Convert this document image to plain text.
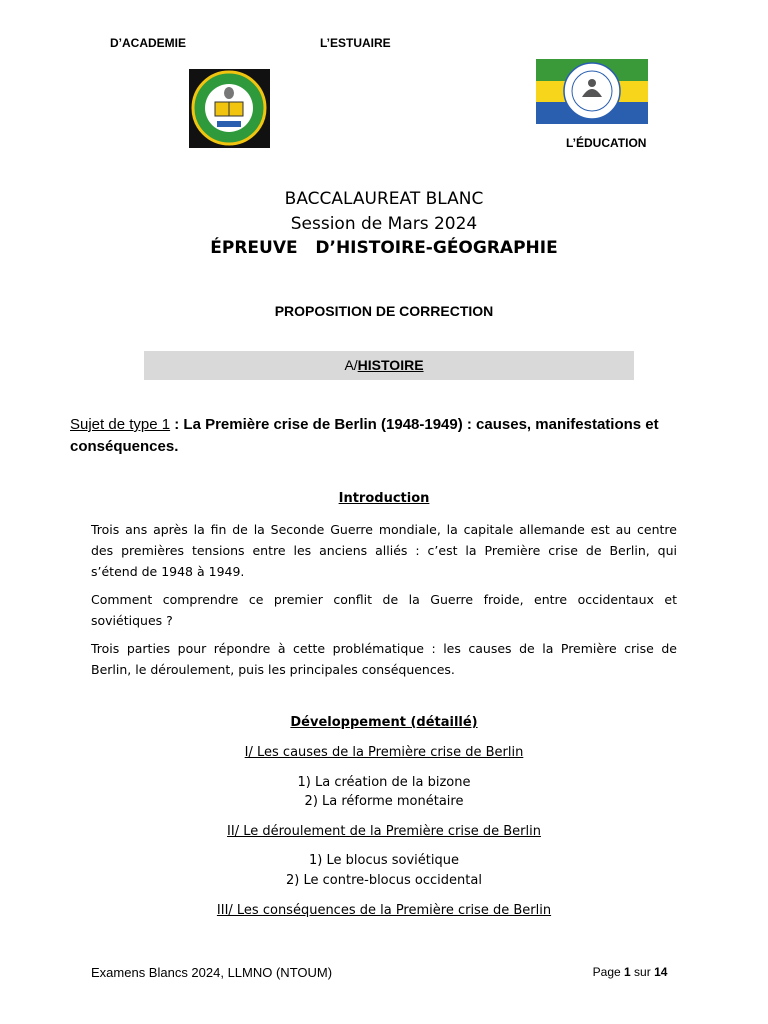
D’ACADEMIE	L’ESTUAIRE
L’ÉDUCATION
BACCALAUREAT BLANC
Session de Mars 2024
ÉPREUVE   D’HISTOIRE-GÉOGRAPHIE
PROPOSITION DE CORRECTION
A/HISTOIRE
Sujet de type 1 : La Première crise de Berlin (1948-1949) : causes, manifestations et
conséquences.
Introduction
Trois ans après la fin de la Seconde Guerre mondiale, la capitale allemande est au centre
des premières tensions entre les anciens alliés : c’est la Première crise de Berlin, qui
s’étend de 1948 à 1949.
Comment comprendre ce premier conflit de la Guerre froide, entre occidentaux et
soviétiques ?
Trois parties pour répondre à cette problématique : les causes de la Première crise de
Berlin, le déroulement, puis les principales conséquences.
Développement (détaillé)
I/ Les causes de la Première crise de Berlin
1) La création de la bizone
2) La réforme monétaire
II/ Le déroulement de la Première crise de Berlin
1) Le blocus soviétique
2) Le contre-blocus occidental
III/ Les conséquences de la Première crise de Berlin

Page 1 sur 14

Examens Blancs 2024, LLMNO (NTOUM)
